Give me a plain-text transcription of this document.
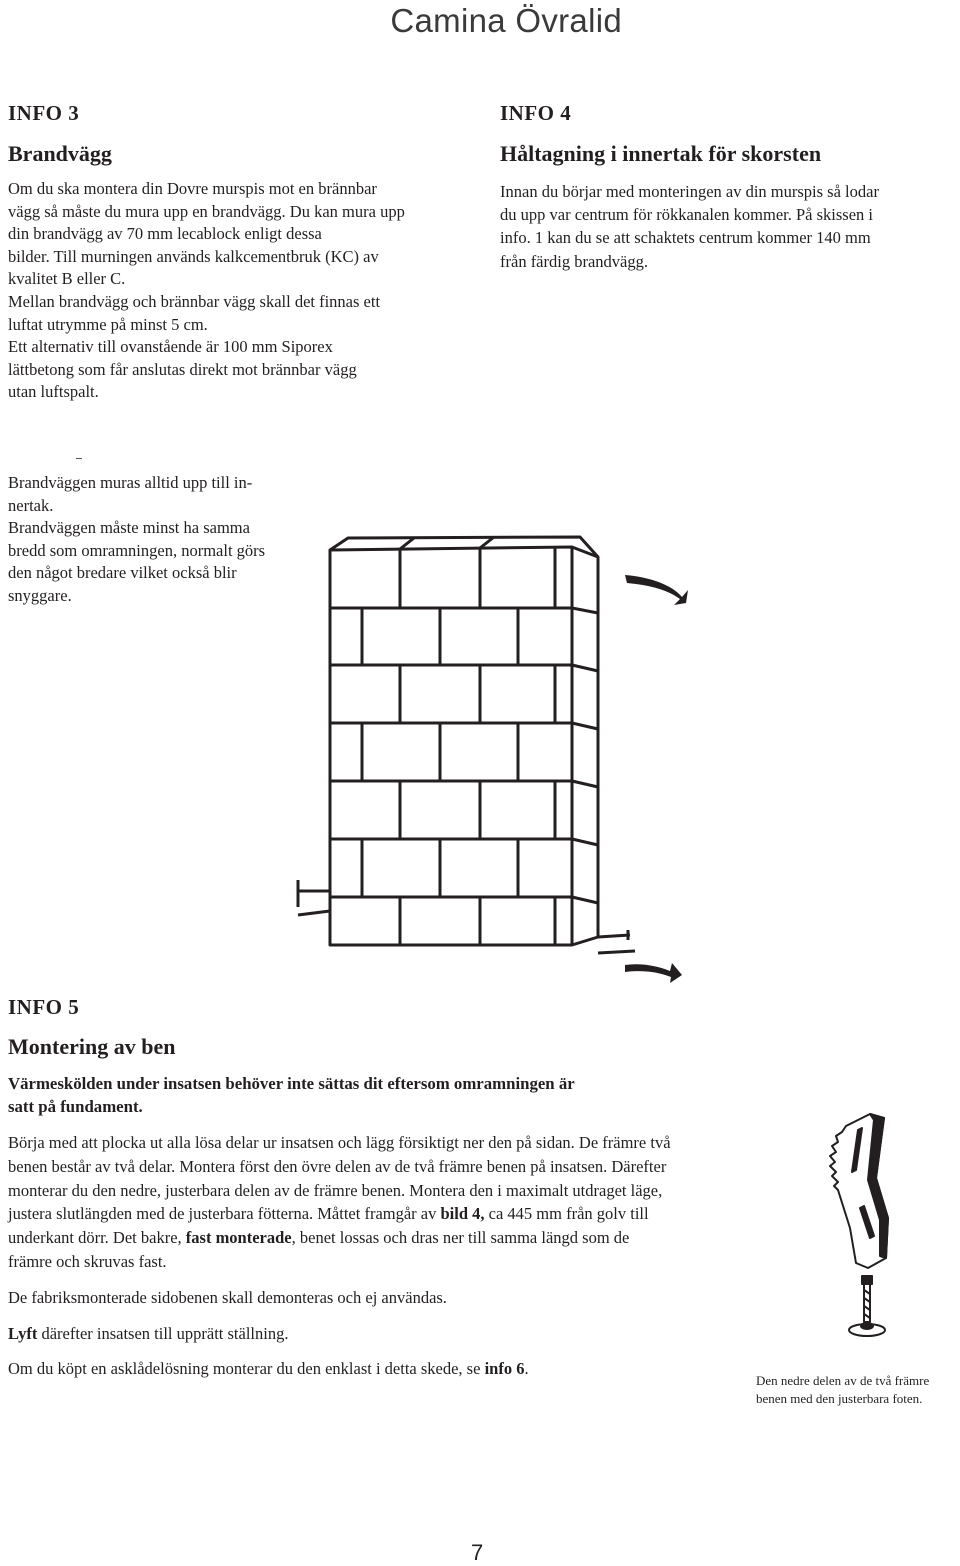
Camina Övralid
INFO 3
Brandvägg
Om du ska montera din Dovre murspis mot en brännbar
vägg så måste du mura upp en brandvägg. Du kan mura upp
din brandvägg av 70 mm lecablock enligt dessa
bilder. Till murningen används kalkcementbruk (KC) av
kvalitet B eller C.
Mellan brandvägg och brännbar vägg skall det finnas ett
luftat utrymme på minst 5 cm.
Ett alternativ till ovanstående är 100 mm Siporex
lättbetong som får anslutas direkt mot brännbar vägg
utan luftspalt.
Brandväggen muras alltid upp till in-
nertak.
Brandväggen måste minst ha samma
bredd som omramningen, normalt görs
den något bredare vilket också blir
snyggare.
INFO 4
Håltagning i innertak för skorsten
Innan du börjar med monteringen av din murspis så lodar
du upp var centrum för rökkanalen kommer. På skissen i
info. 1 kan du se att schaktets centrum kommer 140 mm
från färdig brandvägg.
INFO 5
Montering av ben
Värmeskölden under insatsen behöver inte sättas dit eftersom omramningen är
satt på fundament.
Börja med att plocka ut alla lösa delar ur insatsen och lägg försiktigt ner den på sidan. De främre två
benen består av två delar. Montera först den övre delen av de två främre benen på insatsen. Därefter
monterar du den nedre, justerbara delen av de främre benen. Montera den i maximalt utdraget läge,
justera slutlängden med de justerbara fötterna. Måttet framgår av bild 4, ca 445 mm från golv till
underkant dörr. Det bakre, fast monterade, benet lossas och dras ner till samma längd som de
främre och skruvas fast.
De fabriksmonterade sidobenen skall demonteras och ej användas.
Lyft därefter insatsen till upprätt ställning.
Om du köpt en asklådelösning monterar du den enklast i detta skede, se info 6.
Den nedre delen av de två främre
benen med den justerbara foten.
7
